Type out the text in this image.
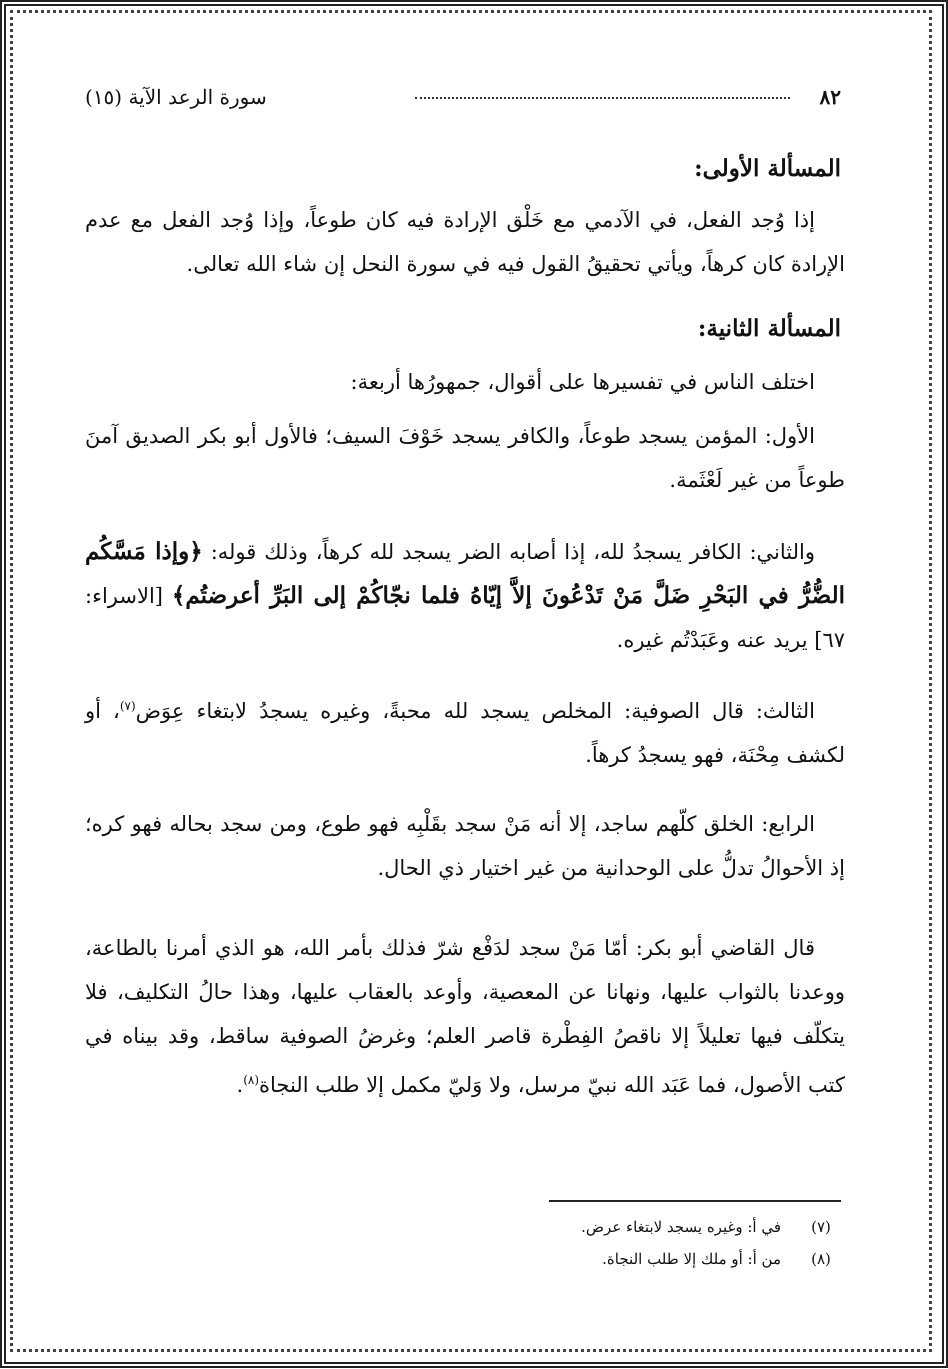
٨٢
سورة الرعد الآية (١٥)
المسألة الأولى:

إذا وُجد الفعل، في الآدمي مع خَلْق الإرادة فيه كان طوعاً، وإذا وُجد الفعل مع عدم الإرادة كان كرهاً، ويأتي تحقيقُ القول فيه في سورة النحل إن شاء الله تعالى.

المسألة الثانية:

اختلف الناس في تفسيرها على أقوال، جمهورُها أربعة:

الأول: المؤمن يسجد طوعاً، والكافر يسجد خَوْفَ السيف؛ فالأول أبو بكر الصديق آمنَ طوعاً من غير لَعْثَمة.

والثاني: الكافر يسجدُ لله، إذا أصابه الضر يسجد لله كرهاً، وذلك قوله: ﴿وإذا مَسَّكُم الضُّرُّ في البَحْرِ ضَلَّ مَنْ تَدْعُونَ إلاَّ إيّاهُ فلما نجّاكُمْ إلى البَرِّ أعرضتُم﴾ [الاسراء: ٦٧] يريد عنه وعَبَدْتُم غيره.

الثالث: قال الصوفية: المخلص يسجد لله محبةً، وغيره يسجدُ لابتغاء عِوَض$^{(٧)}$، أو لكشف مِحْنَة، فهو يسجدُ كرهاً.

الرابع: الخلق كلّهم ساجد، إلا أنه مَنْ سجد بقَلْبِه فهو طوع، ومن سجد بحاله فهو كره؛ إذ الأحوالُ تدلُّ على الوحدانية من غير اختيار ذي الحال.

قال القاضي أبو بكر: أمّا مَنْ سجد لدَفْع شرّ فذلك بأمر الله، هو الذي أمرنا بالطاعة، ووعدنا بالثواب عليها، ونهانا عن المعصية، وأوعد بالعقاب عليها، وهذا حالُ التكليف، فلا يتكلّف فيها تعليلاً إلا ناقصُ الفِطْرة قاصر العلم؛ وغرضُ الصوفية ساقط، وقد بيناه في كتب الأصول، فما عَبَد الله نبيّ مرسل، ولا وَليّ مكمل إلا طلب النجاة$^{(٨)}$.

(٧)
في أ: وغيره يسجد لابتغاء عرض.
(٨)
من أ: أو ملك إلا طلب النجاة.
